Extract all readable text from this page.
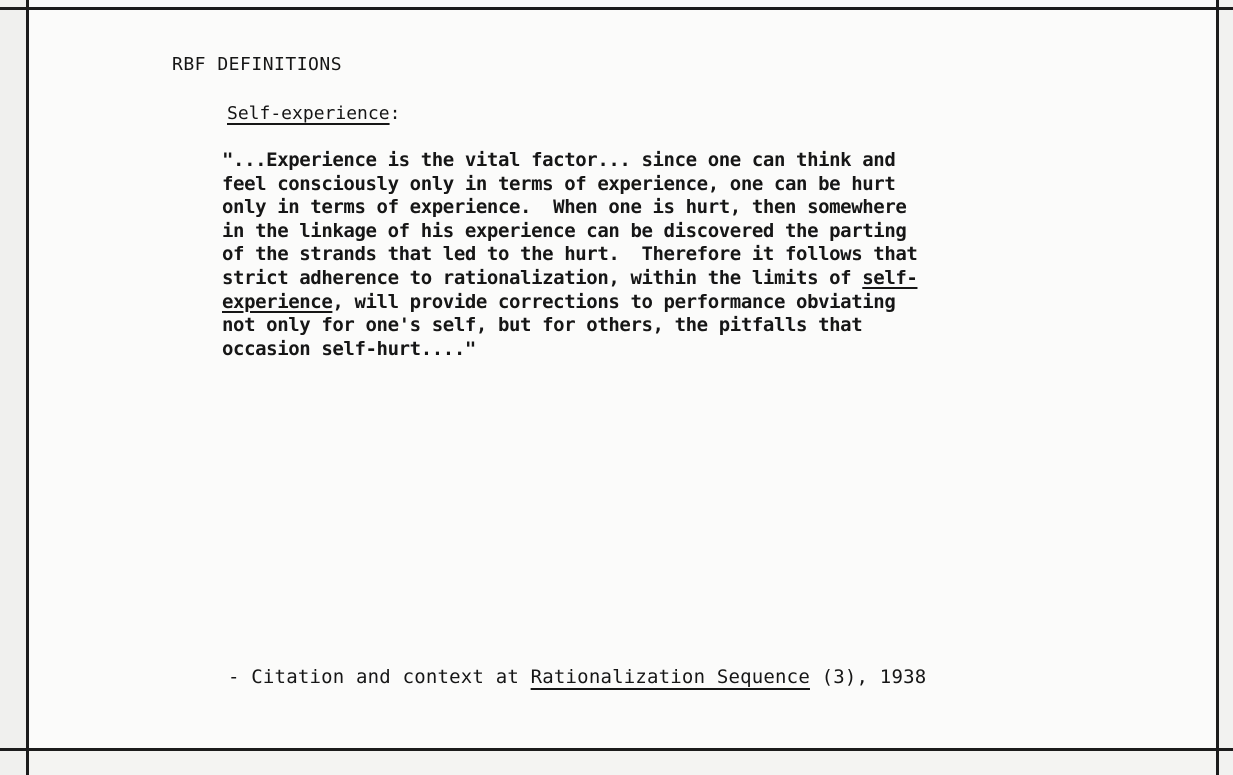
RBF DEFINITIONS
Self-experience:
"...Experience is the vital factor... since one can think and
feel consciously only in terms of experience, one can be hurt
only in terms of experience.  When one is hurt, then somewhere
in the linkage of his experience can be discovered the parting
of the strands that led to the hurt.  Therefore it follows that
strict adherence to rationalization, within the limits of self-
experience, will provide corrections to performance obviating
not only for one's self, but for others, the pitfalls that
occasion self-hurt...."
- Citation and context at Rationalization Sequence (3), 1938
